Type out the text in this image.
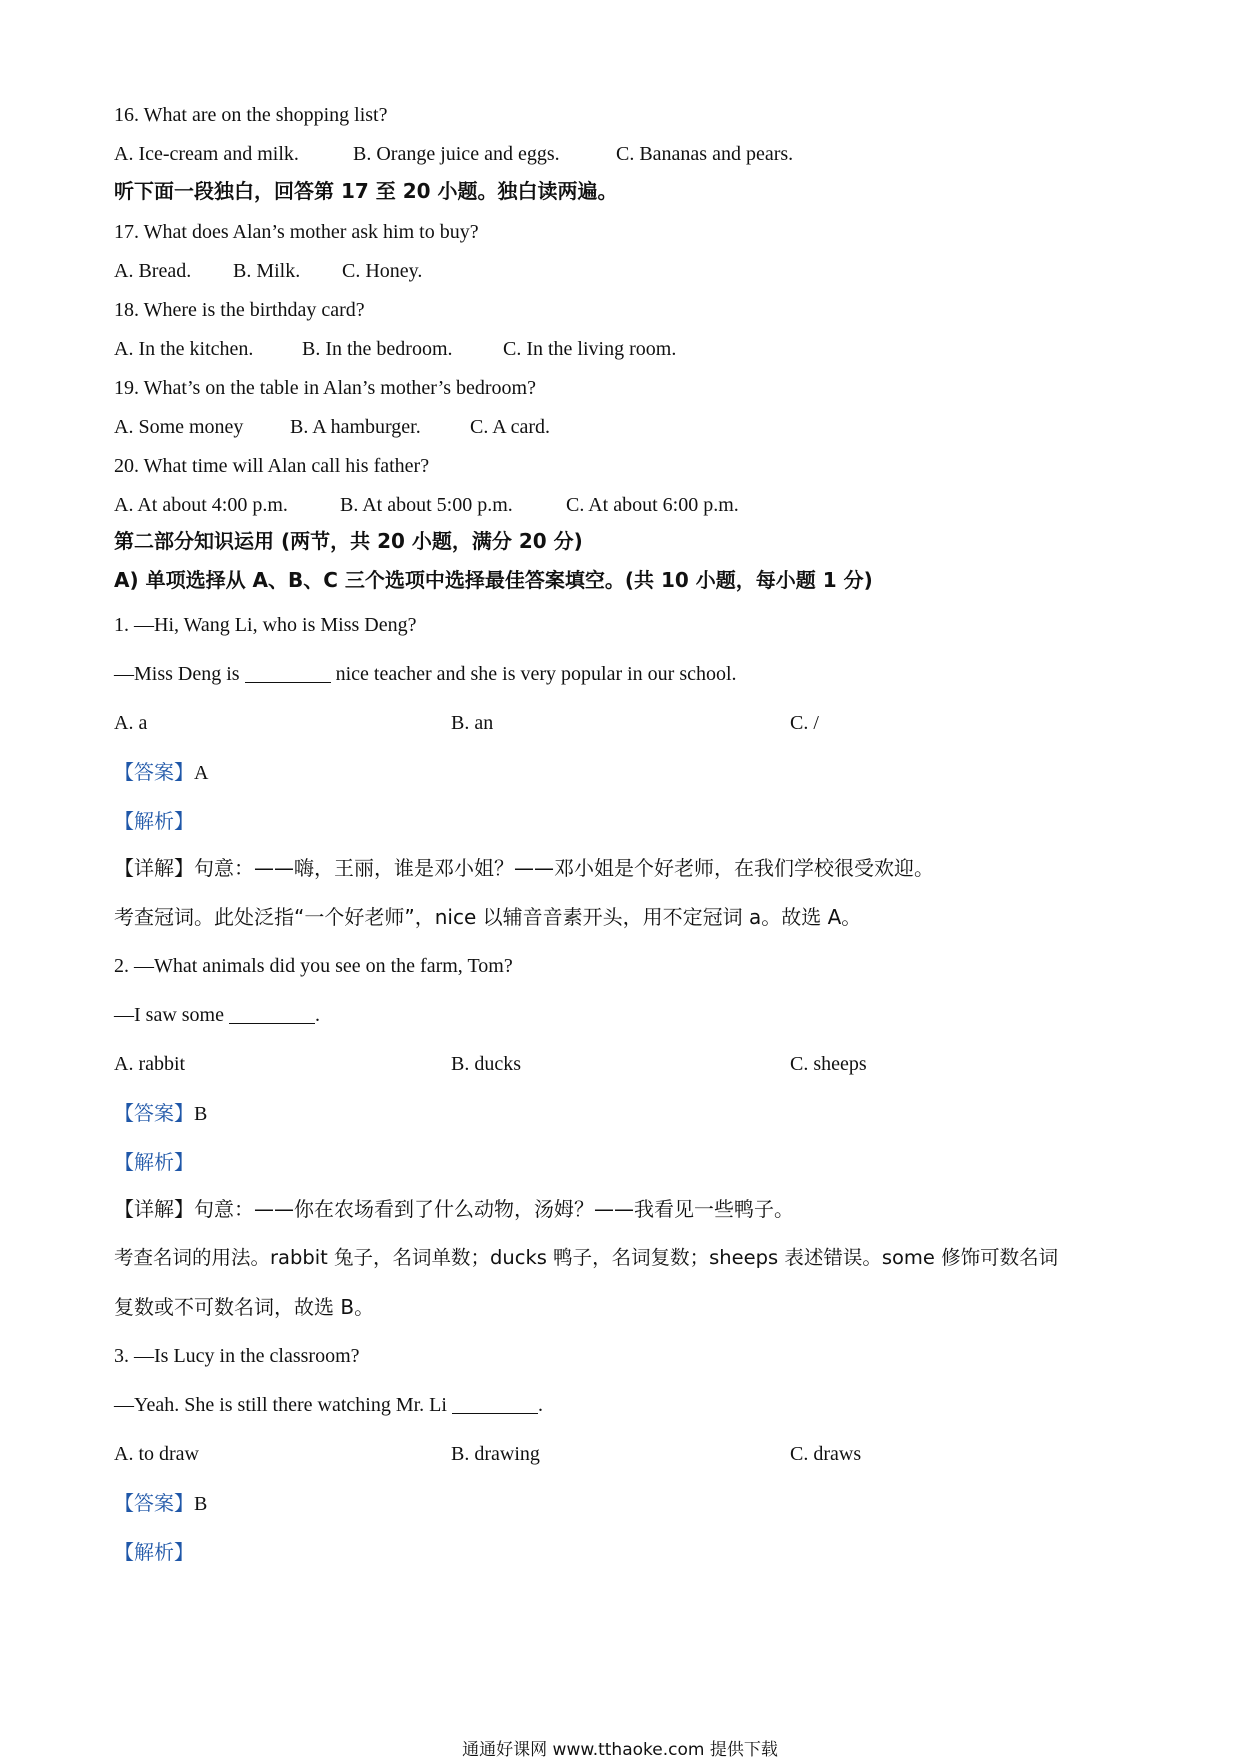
16. What are on the shopping list?
A. Ice-cream and milk.	B. Orange juice and eggs.	C. Bananas and pears.
听下面一段独白，回答第 17 至 20 小题。独白读两遍。
17. What does Alan’s mother ask him to buy?
A. Bread. B. Milk. C. Honey.
18. Where is the birthday card?
A. In the kitchen. B. In the bedroom.	C. In the living room.
19. What’s on the table in Alan’s mother’s bedroom?
A. Some money B. A hamburger. C. A card.
20. What time will Alan call his father?
A. At about 4:00 p.m.	B. At about 5:00 p.m.	C. At about 6:00 p.m.
第二部分知识运用 (两节，共 20 小题，满分 20 分)
A) 单项选择从 A、B、C 三个选项中选择最佳答案填空。(共 10 小题，每小题 1 分)
1. —Hi, Wang Li, who is Miss Deng?
—Miss Deng is	nice teacher and she is very popular in our school.
A. a	B. an	C. /
【答案】A
【解析】
【详解】句意：——嗨，王丽，谁是邓小姐？——邓小姐是个好老师，在我们学校很受欢迎。
考查冠词。此处泛指“一个好老师”，nice 以辅音音素开头，用不定冠词 a。故选 A。
2. —What animals did you see on the farm, Tom?
—I saw some	.
A. rabbit	B. ducks	C. sheeps
【答案】B
【解析】
【详解】句意：——你在农场看到了什么动物，汤姆？——我看见一些鸭子。
考查名词的用法。rabbit 兔子，名词单数；ducks 鸭子，名词复数；sheeps 表述错误。some 修饰可数名词
复数或不可数名词，故选 B。
3. —Is Lucy in the classroom?
—Yeah. She is still there watching Mr. Li	.
A. to draw	B. drawing	C. draws
【答案】B
【解析】
通通好课网 www.tthaoke.com 提供下载
